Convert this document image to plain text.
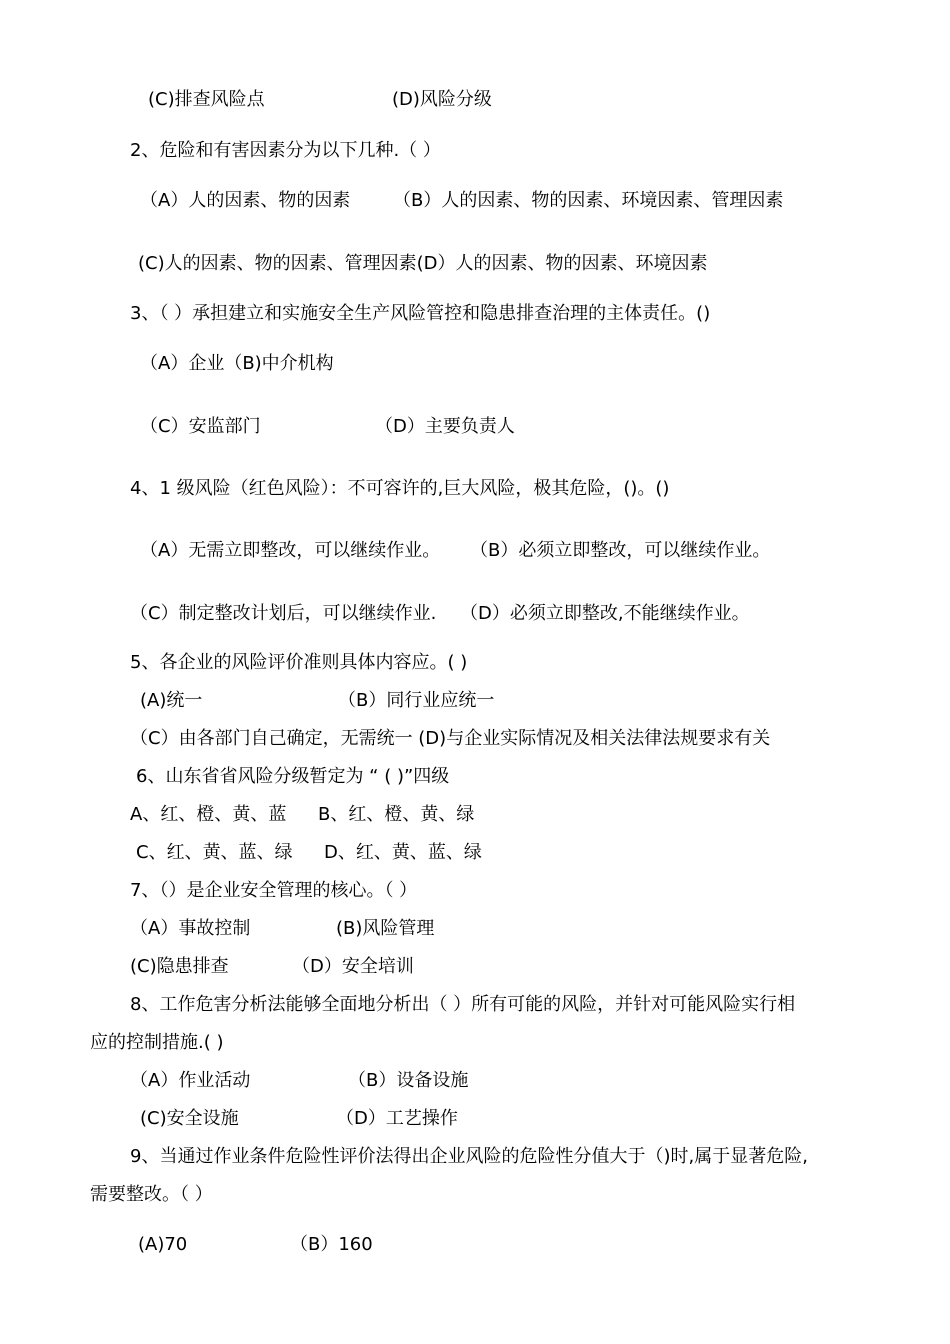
(C)排查风险点	(D)风险分级
2、危险和有害因素分为以下几种.（ ）
（A）人的因素、物的因素 （B）人的因素、物的因素、环境因素、管理因素
(C)人的因素、物的因素、管理因素(D）人的因素、物的因素、环境因素
3、（ ）承担建立和实施安全生产风险管控和隐患排查治理的主体责任。()
（A）企业（B)中介机构
（C）安监部门	（D）主要负责人
4、1 级风险（红色风险）：不可容许的,巨大风险，极其危险，()。()
（A）无需立即整改，可以继续作业。 （B）必须立即整改，可以继续作业。
（C）制定整改计划后，可以继续作业. （D）必须立即整改,不能继续作业。
5、各企业的风险评价准则具体内容应。( )
(A)统一	（B）同行业应统一
（C）由各部门自己确定，无需统一 (D)与企业实际情况及相关法律法规要求有关
6、山东省省风险分级暂定为 “ ( )”四级
A、红、橙、黄、蓝 B、红、橙、黄、绿
C、红、黄、蓝、绿 D、红、黄、蓝、绿
7、（）是企业安全管理的核心。（ ）
（A）事故控制	(B)风险管理
(C)隐患排查	（D）安全培训
8、工作危害分析法能够全面地分析出（ ）所有可能的风险，并针对可能风险实行相
应的控制措施.( )
（A）作业活动	（B）设备设施
(C)安全设施	（D）工艺操作
9、当通过作业条件危险性评价法得出企业风险的危险性分值大于（)时,属于显著危险,
需要整改。（ ）
(A)70	（B）160
